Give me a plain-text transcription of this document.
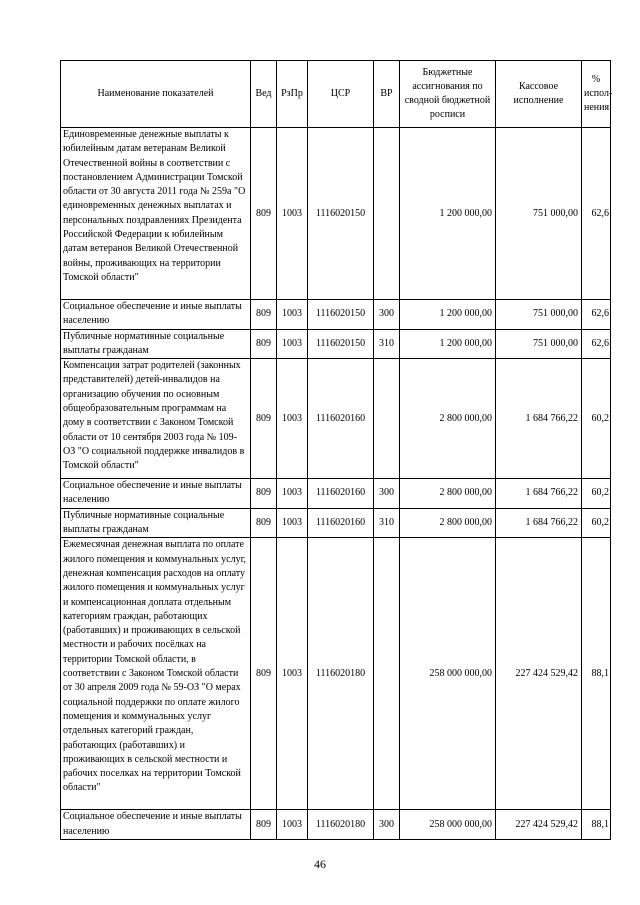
Наименование показателей	Вед	РзПр	ЦСР	ВР	Бюджетные ассигнования по сводной бюджетной росписи	Кассовое исполнение	% испол-нения
Единовременные денежные выплаты к юбилейным датам ветеранам Великой Отечественной войны в соответствии с постановлением Администрации Томской области от 30 августа 2011 года № 259а "О единовременных денежных выплатах и персональных поздравлениях Президента Российской Федерации к юбилейным датам ветеранов Великой Отечественной войны, проживающих на территории Томской области"	809	1003	1116020150		1 200 000,00	751 000,00	62,6
Социальное обеспечение и иные выплаты населению	809	1003	1116020150	300	1 200 000,00	751 000,00	62,6
Публичные нормативные социальные выплаты гражданам	809	1003	1116020150	310	1 200 000,00	751 000,00	62,6
Компенсация затрат родителей (законных представителей) детей-инвалидов на организацию обучения по основным общеобразовательным программам на дому в соответствии с Законом Томской области от 10 сентября 2003 года № 109-ОЗ "О социальной поддержке инвалидов в Томской области"	809	1003	1116020160		2 800 000,00	1 684 766,22	60,2
Социальное обеспечение и иные выплаты населению	809	1003	1116020160	300	2 800 000,00	1 684 766,22	60,2
Публичные нормативные социальные выплаты гражданам	809	1003	1116020160	310	2 800 000,00	1 684 766,22	60,2
Ежемесячная денежная выплата по оплате жилого помещения и коммунальных услуг, денежная компенсация расходов на оплату жилого помещения и коммунальных услуг и компенсационная доплата отдельным категориям граждан, работающих (работавших) и проживающих в сельской местности и рабочих посёлках на территории Томской области, в соответствии с Законом Томской области от 30 апреля 2009 года № 59-ОЗ "О мерах социальной поддержки по оплате жилого помещения и коммунальных услуг отдельных категорий граждан, работающих (работавших) и проживающих в сельской местности и рабочих поселках на территории Томской области"	809	1003	1116020180		258 000 000,00	227 424 529,42	88,1
Социальное обеспечение и иные выплаты населению	809	1003	1116020180	300	258 000 000,00	227 424 529,42	88,1
46
